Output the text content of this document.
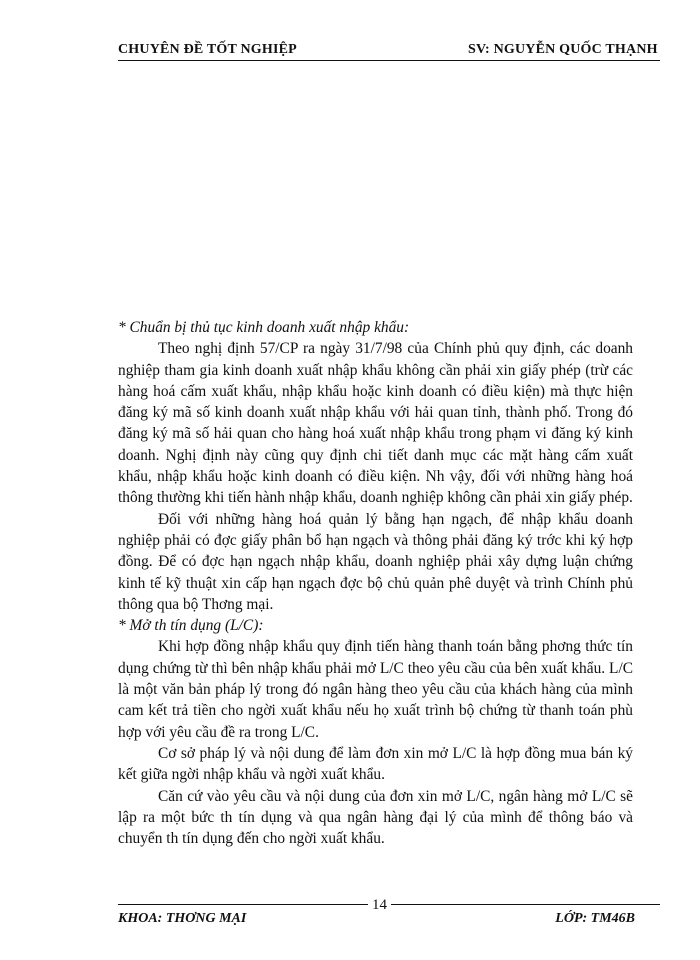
CHUYÊN ĐỀ TỐT NGHIỆP	SV: NGUYỄN QUỐC THẠNH

* Chuẩn bị thủ tục kinh doanh xuất nhập khẩu:

Theo nghị định 57/CP ra ngày 31/7/98 của Chính phủ quy định, các doanh nghiệp tham gia kinh doanh xuất nhập khẩu không cần phải xin giấy phép (trừ các hàng hoá cấm xuất khẩu, nhập khẩu hoặc kinh doanh có điều kiện) mà thực hiện đăng ký mã số kinh doanh xuất nhập khẩu với hải quan tỉnh, thành phố. Trong đó đăng ký mã số hải quan cho hàng hoá xuất nhập khẩu trong phạm vi đăng ký kinh doanh. Nghị định này cũng quy định chi tiết danh mục các mặt hàng cấm xuất khẩu, nhập khẩu hoặc kinh doanh có điều kiện. Nh vậy, đối với những hàng hoá thông thường khi tiến hành nhập khẩu, doanh nghiệp không cần phải xin giấy phép.

Đối với những hàng hoá quản lý bằng hạn ngạch, để nhập khẩu doanh nghiệp phải có đợc giấy phân bổ hạn ngạch và thông phải đăng ký trớc khi ký hợp đồng. Để có đợc hạn ngạch nhập khẩu, doanh nghiệp phải xây dựng luận chứng kinh tế kỹ thuật xin cấp hạn ngạch đợc bộ chủ quản phê duyệt và trình Chính phủ thông qua bộ Thơng mại.

* Mở th tín dụng (L/C):

Khi hợp đồng nhập khẩu quy định tiến hàng thanh toán bằng phơng thức tín dụng chứng từ thì bên nhập khẩu phải mở L/C theo yêu cầu của bên xuất khẩu. L/C là một văn bản pháp lý trong đó ngân hàng theo yêu cầu của khách hàng của mình cam kết trả tiền cho ngời xuất khẩu nếu họ xuất trình bộ chứng từ thanh toán phù hợp với yêu cầu đề ra trong L/C.

Cơ sở pháp lý và nội dung để làm đơn xin mở L/C là hợp đồng mua bán ký kết giữa ngời nhập khẩu và ngời xuất khẩu.

Căn cứ vào yêu cầu và nội dung của đơn xin mở L/C, ngân hàng mở L/C sẽ lập ra một bức th tín dụng và qua ngân hàng đại lý của mình để thông báo và chuyển th tín dụng đến cho ngời xuất khẩu.

KHOA: THƠNG MẠI
14
LỚP: TM46B
